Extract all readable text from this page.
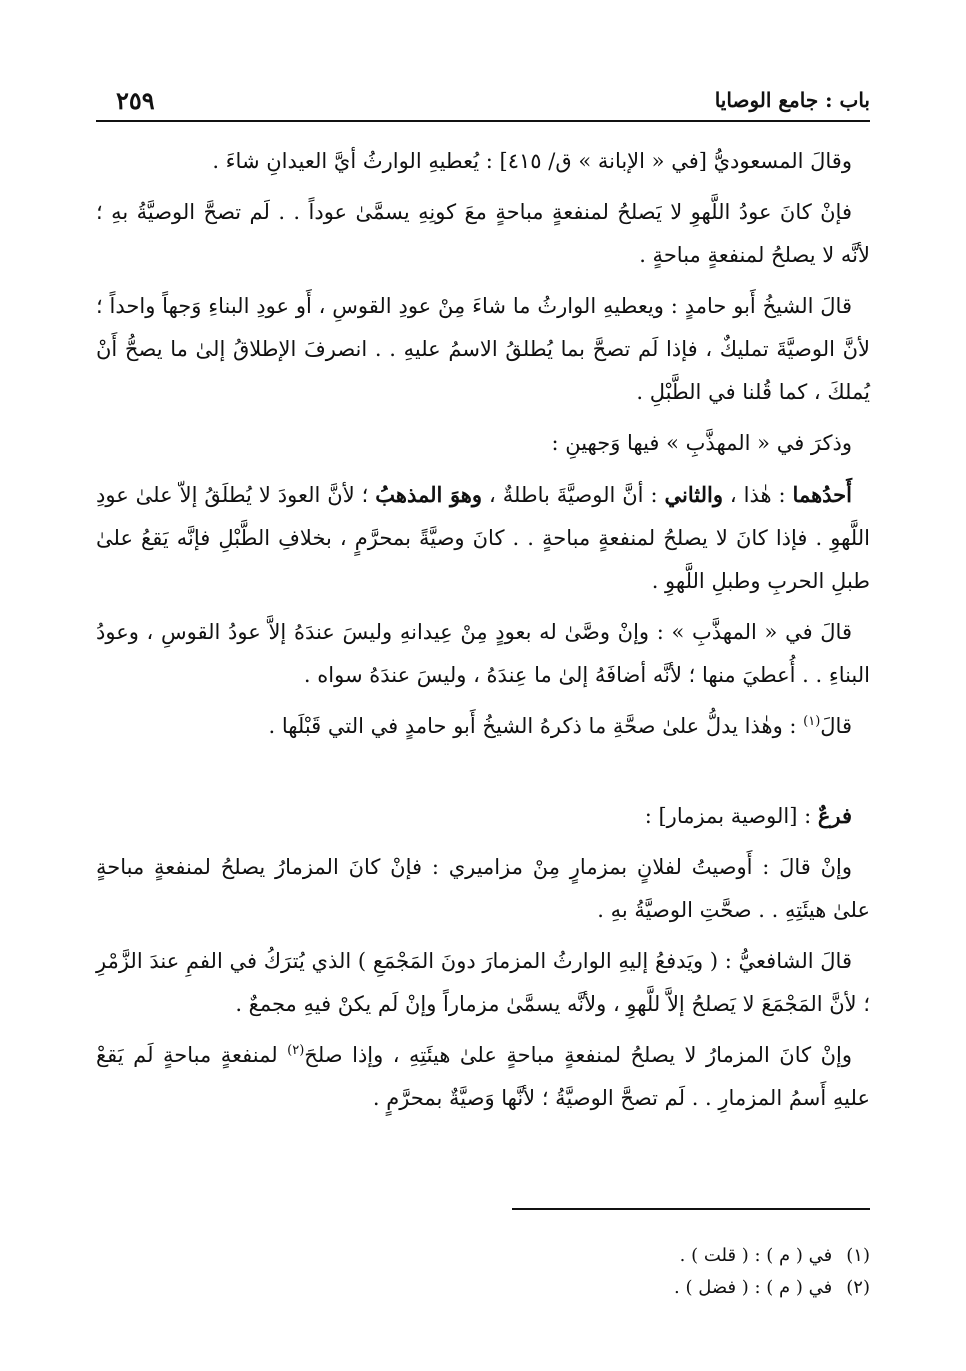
باب : جامع الوصايا
٢٥٩

وقالَ المسعوديُّ [في « الإبانة » ق/ ٤١٥] : يُعطيهِ الوارثُ أيَّ العيدانِ شاءَ .

فإنْ كانَ عودُ اللَّهوِ لا يَصلحُ لمنفعةٍ مباحةٍ معَ كونِهِ يسمَّىٰ عوداً . . لَم تصحَّ الوصيَّةُ بهِ ؛ لأنَّه لا يصلحُ لمنفعةٍ مباحةٍ .

قالَ الشيخُ أَبو حامدٍ : ويعطيهِ الوارثُ ما شاءَ مِنْ عودِ القوسِ ، أَو عودِ البناءِ وَجهاً واحداً ؛ لأنَّ الوصيَّةَ تمليكٌ ، فإذا لَم تصحَّ بما يُطلقُ الاسمُ عليهِ . . انصرفَ الإطلاقُ إلىٰ ما يصحُّ أَنْ يُملكَ ، كما قُلنا في الطَّبْلِ .

وذكرَ في « المهذَّبِ » فيها وَجهينِ :

أَحدُهما : هٰذا ، والثاني : أنَّ الوصيَّةَ باطلةٌ ، وهوَ المذهبُ ؛ لأنَّ العودَ لا يُطلَقُ إلاّ علىٰ عودِ اللَّهوِ . فإذا كانَ لا يصلحُ لمنفعةٍ مباحةٍ . . كانَ وصيَّةً بمحرَّمٍ ، بخلافِ الطَّبْلِ فإنَّه يَقعُ علىٰ طبلِ الحربِ وطبلِ اللَّهوِ .

قالَ في « المهذَّبِ » : وإنْ وصَّىٰ له بعودٍ مِنْ عِيدانهِ وليسَ عندَهُ إلاَّ عودُ القوسِ ، وعودُ البناءِ . . أُعطيَ منها ؛ لأنَّه أضافَهُ إلىٰ ما عِندَهُ ، وليسَ عندَهُ سواه .

قالَ$^{(١)}$ : وهٰذا يدلُّ علىٰ صحَّةِ ما ذكرهُ الشيخُ أَبو حامدٍ في التي قَبْلَها .

فرعٌ : [الوصية بمزمار] :

وإنْ قالَ : أَوصيتُ لفلانٍ بمزمارٍ مِنْ مزاميري : فإنْ كانَ المزمارُ يصلحُ لمنفعةٍ مباحةٍ علىٰ هيئَتِهِ . . صحَّتِ الوصيَّةُ بهِ .

قالَ الشافعيُّ : ( ويَدفعُ إليهِ الوارثُ المزمارَ دونَ المَجْمَعِ ) الذي يُترَكُ في الفمِ عندَ الزَّمْرِ ؛ لأنَّ المَجْمَعَ لا يَصلحُ إلاَّ للَّهوِ ، ولأنَّه يسمَّىٰ مزماراً وإنْ لَم يكنْ فيهِ مجمعٌ .

وإنْ كانَ المزمارُ لا يصلحُ لمنفعةٍ مباحةٍ علىٰ هيئَتِهِ ، وإذا صلحَ$^{(٢)}$ لمنفعةٍ مباحةٍ لَم يَقعْ عليهِ أَسمُ المزمارِ . . لَم تصحَّ الوصيَّةُ ؛ لأنَّها وَصيَّةٌ بمحرَّمٍ .

(١)في ( م ) : ( قلت ) .

(٢)في ( م ) : ( فضل ) .
